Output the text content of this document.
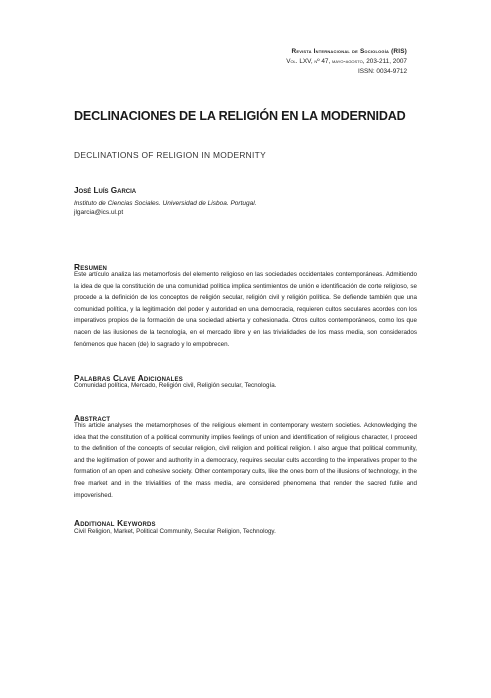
Revista Internacional de Sociología (RIS)
Vol. LXV, nº 47, mayo-agosto, 203-211, 2007
ISSN: 0034-9712
DECLINACIONES DE LA RELIGIÓN EN LA MODERNIDAD
DECLINATIONS OF RELIGION IN MODERNITY
José Luís Garcia
Instituto de Ciencias Sociales. Universidad de Lisboa. Portugal.
jlgarcia@ics.ul.pt
Resumen

Este artículo analiza las metamorfosis del elemento religioso en las sociedades occidentales contemporáneas. Admitiendo la idea de que la constitución de una comunidad política implica sentimientos de unión e identificación de corte religioso, se procede a la definición de los conceptos de religión secular, religión civil y religión política. Se defiende también que una comunidad política, y la legitimación del poder y autoridad en una democracia, requieren cultos seculares acordes con los imperativos propios de la formación de una sociedad abierta y cohesionada. Otros cultos contemporáneos, como los que nacen de las ilusiones de la tecnología, en el mercado libre y en las trivialidades de los mass media, son considerados fenómenos que hacen (de) lo sagrado y lo empobrecen.

Palabras Clave Adicionales

Comunidad política, Mercado, Religión civil, Religión secular, Tecnología.

Abstract

This article analyses the metamorphoses of the religious element in contemporary western societies. Acknowledging the idea that the constitution of a political community implies feelings of union and identification of religious character, I proceed to the definition of the concepts of secular religion, civil religion and political religion. I also argue that political community, and the legitimation of power and authority in a democracy, requires secular cults according to the imperatives proper to the formation of an open and cohesive society. Other contemporary cults, like the ones born of the illusions of technology, in the free market and in the trivialities of the mass media, are considered phenomena that render the sacred futile and impoverished.

Additional Keywords

Civil Religion, Market, Political Community, Secular Religion, Technology.
